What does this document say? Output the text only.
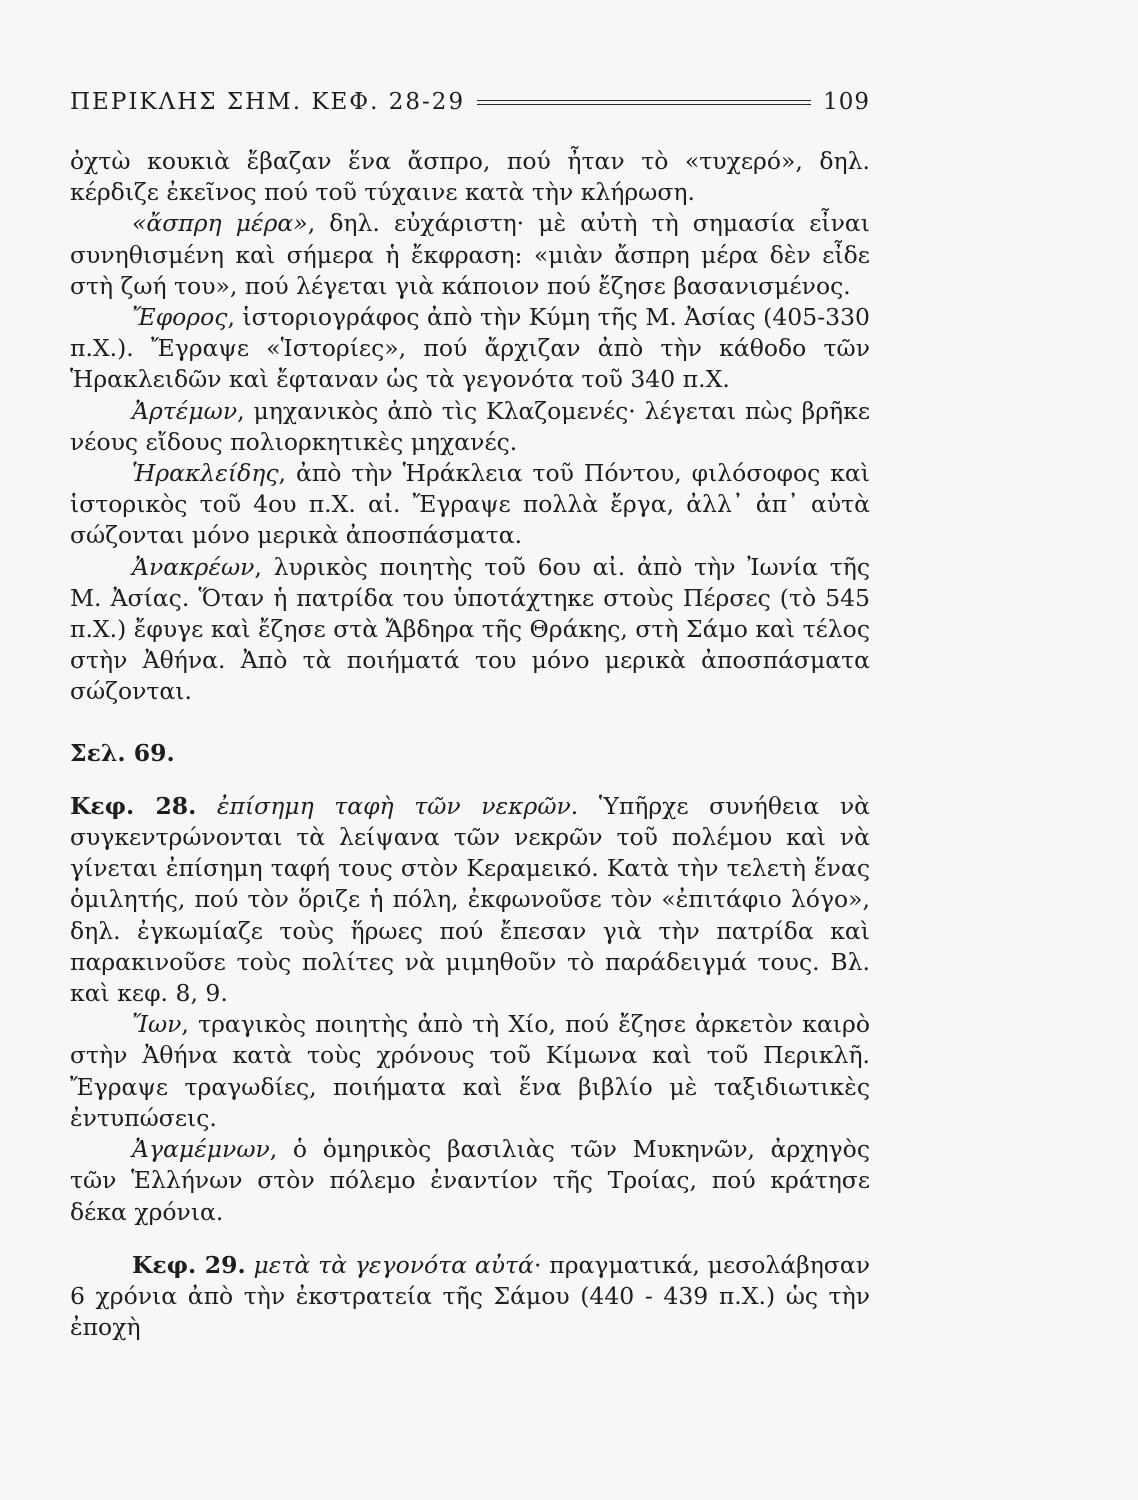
ΠΕΡΙΚΛΗΣ ΣΗΜ. ΚΕΦ. 28-29	109

ὀχτὼ κουκιὰ ἔβαζαν ἕνα ἄσπρο, πού ἦταν τὸ «τυχερό», δηλ. κέρδιζε ἐκεῖνος πού τοῦ τύχαινε κατὰ τὴν κλήρωση.

«ἄσπρη μέρα», δηλ. εὐχάριστη· μὲ αὐτὴ τὴ σημασία εἶναι συνηθισμένη καὶ σήμερα ἡ ἔκφραση: «μιὰν ἄσπρη μέρα δὲν εἶδε στὴ ζωή του», πού λέγεται γιὰ κάποιον πού ἔζησε βασανισμένος.

Ἔφορος, ἱστοριογράφος ἀπὸ τὴν Κύμη τῆς Μ. Ἀσίας (405-330 π.Χ.). Ἔγραψε «Ἱστορίες», πού ἄρχιζαν ἀπὸ τὴν κάθοδο τῶν Ἡρακλειδῶν καὶ ἔφταναν ὡς τὰ γεγονότα τοῦ 340 π.Χ.

Ἀρτέμων, μηχανικὸς ἀπὸ τὶς Κλαζομενές· λέγεται πὼς βρῆκε νέους εἴδους πολιορκητικὲς μηχανές.

Ἡρακλείδης, ἀπὸ τὴν Ἡράκλεια τοῦ Πόντου, φιλόσοφος καὶ ἱστορικὸς τοῦ 4ου π.Χ. αἰ. Ἔγραψε πολλὰ ἔργα, ἀλλ᾽ ἀπ᾽ αὐτὰ σώζονται μόνο μερικὰ ἀποσπάσματα.

Ἀνακρέων, λυρικὸς ποιητὴς τοῦ 6ου αἰ. ἀπὸ τὴν Ἰωνία τῆς Μ. Ἀσίας. Ὅταν ἡ πατρίδα του ὑποτάχτηκε στοὺς Πέρσες (τὸ 545 π.Χ.) ἔφυγε καὶ ἔζησε στὰ Ἄβδηρα τῆς Θράκης, στὴ Σάμο καὶ τέλος στὴν Ἀθήνα. Ἀπὸ τὰ ποιήματά του μόνο μερικὰ ἀποσπάσματα σώζονται.

Σελ. 69.

Κεφ. 28. ἐπίσημη ταφὴ τῶν νεκρῶν. Ὑπῆρχε συνήθεια νὰ συγκεντρώνονται τὰ λείψανα τῶν νεκρῶν τοῦ πολέμου καὶ νὰ γίνεται ἐπίσημη ταφή τους στὸν Κεραμεικό. Κατὰ τὴν τελετὴ ἕνας ὁμιλητής, πού τὸν ὅριζε ἡ πόλη, ἐκφωνοῦσε τὸν «ἐπιτάφιο λόγο», δηλ. ἐγκωμίαζε τοὺς ἥρωες πού ἔπεσαν γιὰ τὴν πατρίδα καὶ παρακινοῦσε τοὺς πολίτες νὰ μιμηθοῦν τὸ παράδειγμά τους. Βλ. καὶ κεφ. 8, 9.

Ἴων, τραγικὸς ποιητὴς ἀπὸ τὴ Χίο, πού ἔζησε ἀρκετὸν καιρὸ στὴν Ἀθήνα κατὰ τοὺς χρόνους τοῦ Κίμωνα καὶ τοῦ Περικλῆ. Ἔγραψε τραγωδίες, ποιήματα καὶ ἕνα βιβλίο μὲ ταξιδιωτικὲς ἐντυπώσεις.

Ἀγαμέμνων, ὁ ὁμηρικὸς βασιλιὰς τῶν Μυκηνῶν, ἀρχηγὸς τῶν Ἑλλήνων στὸν πόλεμο ἐναντίον τῆς Τροίας, πού κράτησε δέκα χρόνια.

Κεφ. 29. μετὰ τὰ γεγονότα αὐτά· πραγματικά, μεσολάβησαν 6 χρόνια ἀπὸ τὴν ἐκστρατεία τῆς Σάμου (440 - 439 π.Χ.) ὡς τὴν ἐποχὴ
